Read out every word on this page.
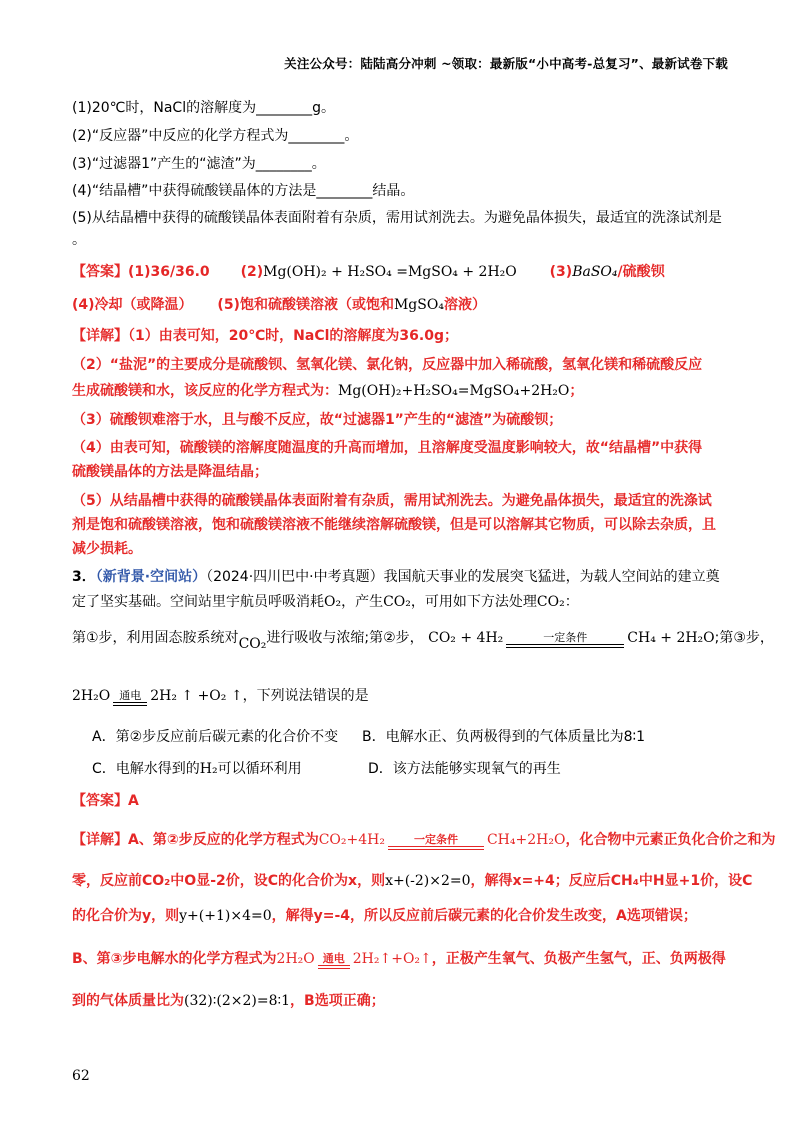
关注公众号：陆陆高分冲刺 ~领取：最新版“小中高考-总复习”、最新试卷下载
(1)20℃时，NaCl的溶解度为________g。
(2)“反应器”中反应的化学方程式为________。
(3)“过滤器1”产生的“滤渣”为________。
(4)“结晶槽”中获得硫酸镁晶体的方法是________结晶。
(5)从结晶槽中获得的硫酸镁晶体表面附着有杂质，需用试剂洗去。为避免晶体损失，最适宜的洗涤试剂是
。
【答案】(1)36/36.0 (2)Mg(OH)₂ + H₂SO₄ =MgSO₄ + 2H₂O (3)BaSO₄/硫酸钡
(4)冷却（或降温） (5)饱和硫酸镁溶液（或饱和MgSO₄溶液）
【详解】（1）由表可知，20℃时，NaCl的溶解度为36.0g；
（2）“盐泥”的主要成分是硫酸钡、氢氧化镁、氯化钠，反应器中加入稀硫酸，氢氧化镁和稀硫酸反应
生成硫酸镁和水，该反应的化学方程式为：Mg(OH)₂+H₂SO₄=MgSO₄+2H₂O；
（3）硫酸钡难溶于水，且与酸不反应，故“过滤器1”产生的“滤渣”为硫酸钡；
（4）由表可知，硫酸镁的溶解度随温度的升高而增加，且溶解度受温度影响较大，故“结晶槽”中获得
硫酸镁晶体的方法是降温结晶；
（5）从结晶槽中获得的硫酸镁晶体表面附着有杂质，需用试剂洗去。为避免晶体损失，最适宜的洗涤试
剂是饱和硫酸镁溶液，饱和硫酸镁溶液不能继续溶解硫酸镁，但是可以溶解其它物质，可以除去杂质，且
减少损耗。
3．（新背景·空间站）（2024·四川巴中·中考真题）我国航天事业的发展突飞猛进，为载人空间站的建立奠
定了坚实基础。空间站里宇航员呼吸消耗O₂，产生CO₂，可用如下方法处理CO₂：
第①步，利用固态胺系统对CO₂进行吸收与浓缩;第②步， CO₂ + 4H₂	一定条件	CH₄ + 2H₂O;第③步，
2H₂O 通电 2H₂ ↑ +O₂ ↑，下列说法错误的是
A．第②步反应前后碳元素的化合价不变	B．电解水正、负两极得到的气体质量比为8∶1
C．电解水得到的H₂可以循环利用	D．该方法能够实现氧气的再生
【答案】A
【详解】A、第②步反应的化学方程式为CO₂+4H₂	一定条件	CH₄+2H₂O，化合物中元素正负化合价之和为
零，反应前CO₂中O显-2价，设C的化合价为x，则x+(-2)×2=0，解得x=+4；反应后CH₄中H显+1价，设C
的化合价为y，则y+(+1)×4=0，解得y=-4，所以反应前后碳元素的化合价发生改变，A选项错误；
B、第③步电解水的化学方程式为2H₂O 通电 2H₂↑+O₂↑，正极产生氧气、负极产生氢气，正、负两极得
到的气体质量比为(32)∶(2×2)=8∶1，B选项正确；
62
